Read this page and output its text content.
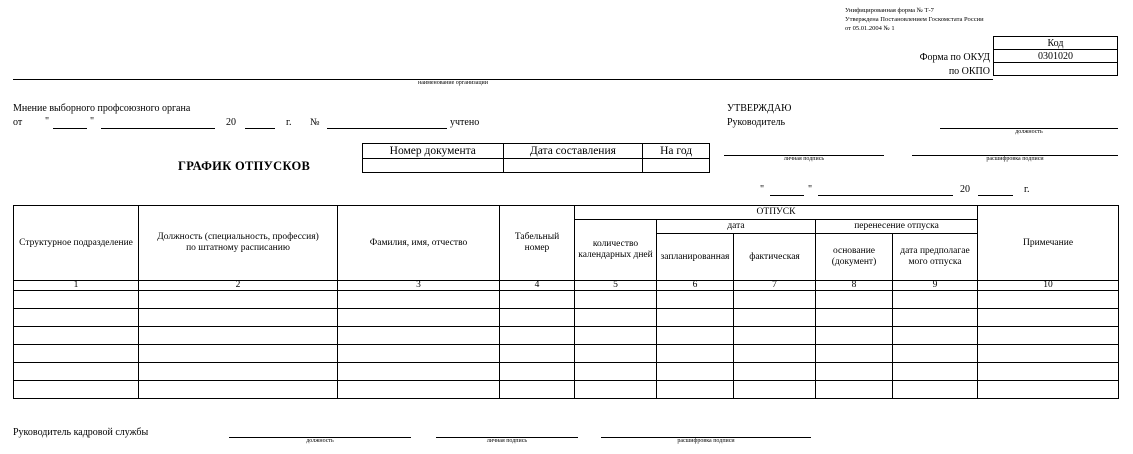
Унифицированная форма № Т-7
Утверждена Постановлением Госкомстата России
от 05.01.2004 № 1
Форма по ОКУД
по ОКПО
Код
0301020

наименование организации
Мнение выборного профсоюзного органа
от "	"	20	г. №	учтено
УТВЕРЖДАЮ
Руководитель
должность
личная подпись	расшифровка подписи
"	"	20	г.
ГРАФИК ОТПУСКОВ
Номер документа	Дата составления	На год

Структурное подразделение	Должность (специальность, профессия) по штатному расписанию	Фамилия, имя, отчество	Табельный номер	ОТПУСК					Примечание
				количество календарных дней	дата		перенесение отпуска		
					запланированная	фактическая	основание (документ)	дата предполагаемого отпуска	
1	2	3	4	5	6	7	8	9	10

Руководитель кадровой службы
должность	личная подпись	расшифровка подписи
